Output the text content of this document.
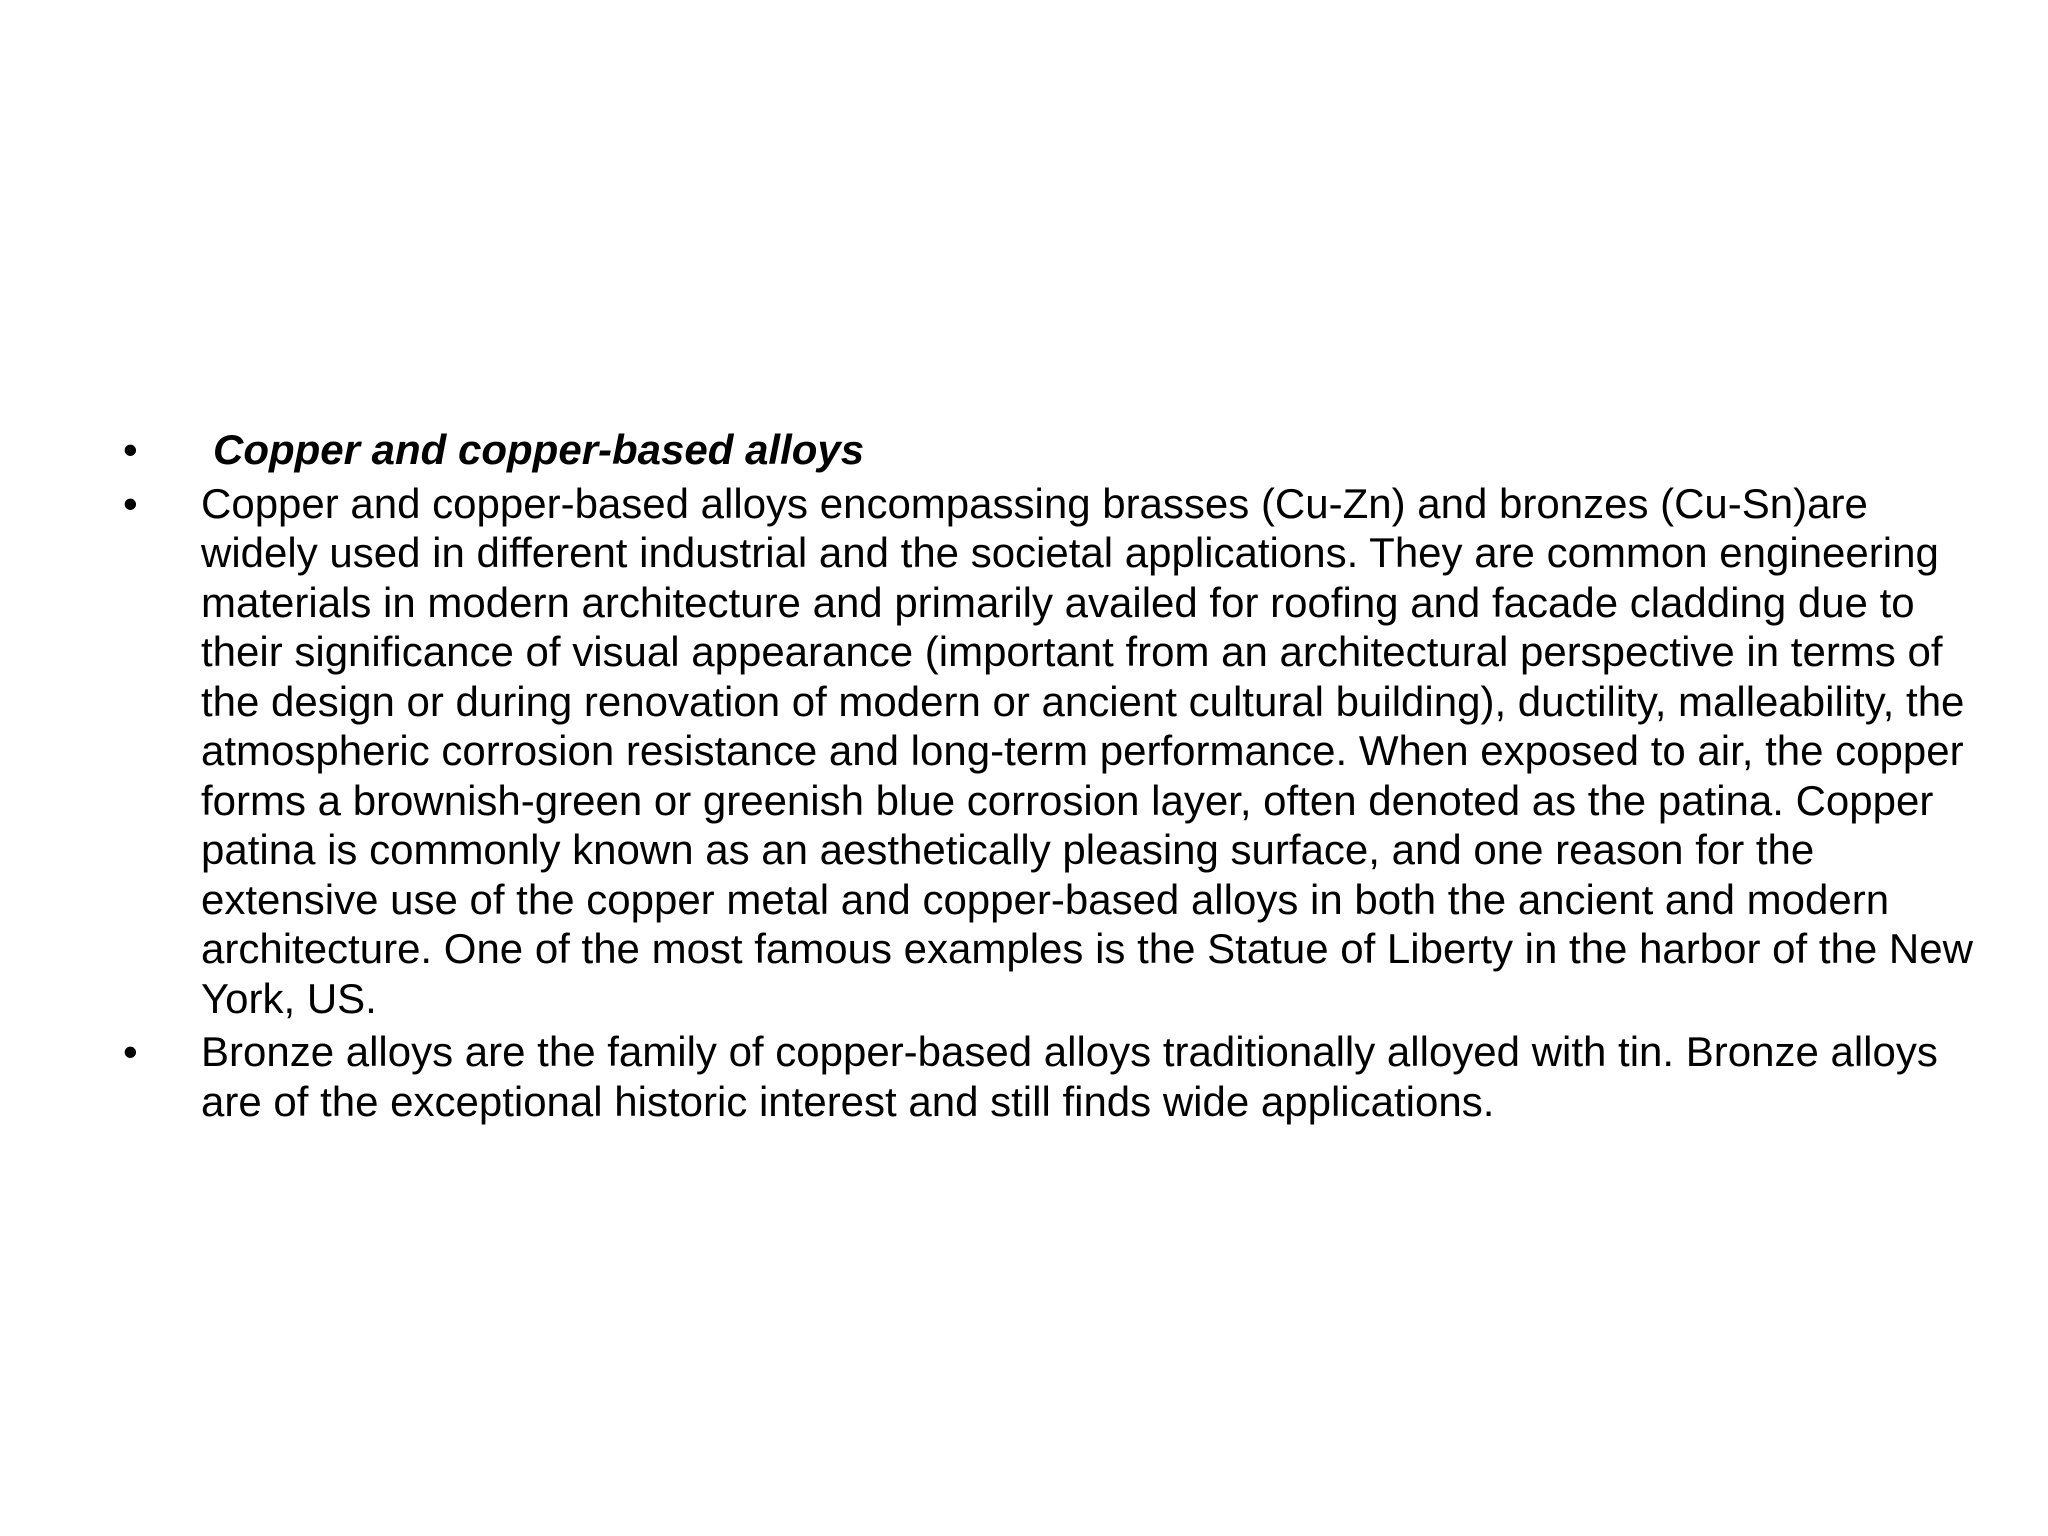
•	Copper and copper-based alloys
•	Copper and copper-based alloys encompassing brasses (Cu-Zn) and bronzes (Cu-Sn)are widely used in different industrial and the societal applications. They are common engineering materials in modern architecture and primarily availed for roofing and facade cladding due to their significance of visual appearance (important from an architectural perspective in terms of the design or during renovation of modern or ancient cultural building), ductility, malleability, the atmospheric corrosion resistance and long-term performance. When exposed to air, the copper forms a brownish-green or greenish blue corrosion layer, often denoted as the patina. Copper patina is commonly known as an aesthetically pleasing surface, and one reason for the extensive use of the copper metal and copper-based alloys in both the ancient and modern architecture. One of the most famous examples is the Statue of Liberty in the harbor of the New York, US.
•	Bronze alloys are the family of copper-based alloys traditionally alloyed with tin. Bronze alloys are of the exceptional historic interest and still finds wide applications.
